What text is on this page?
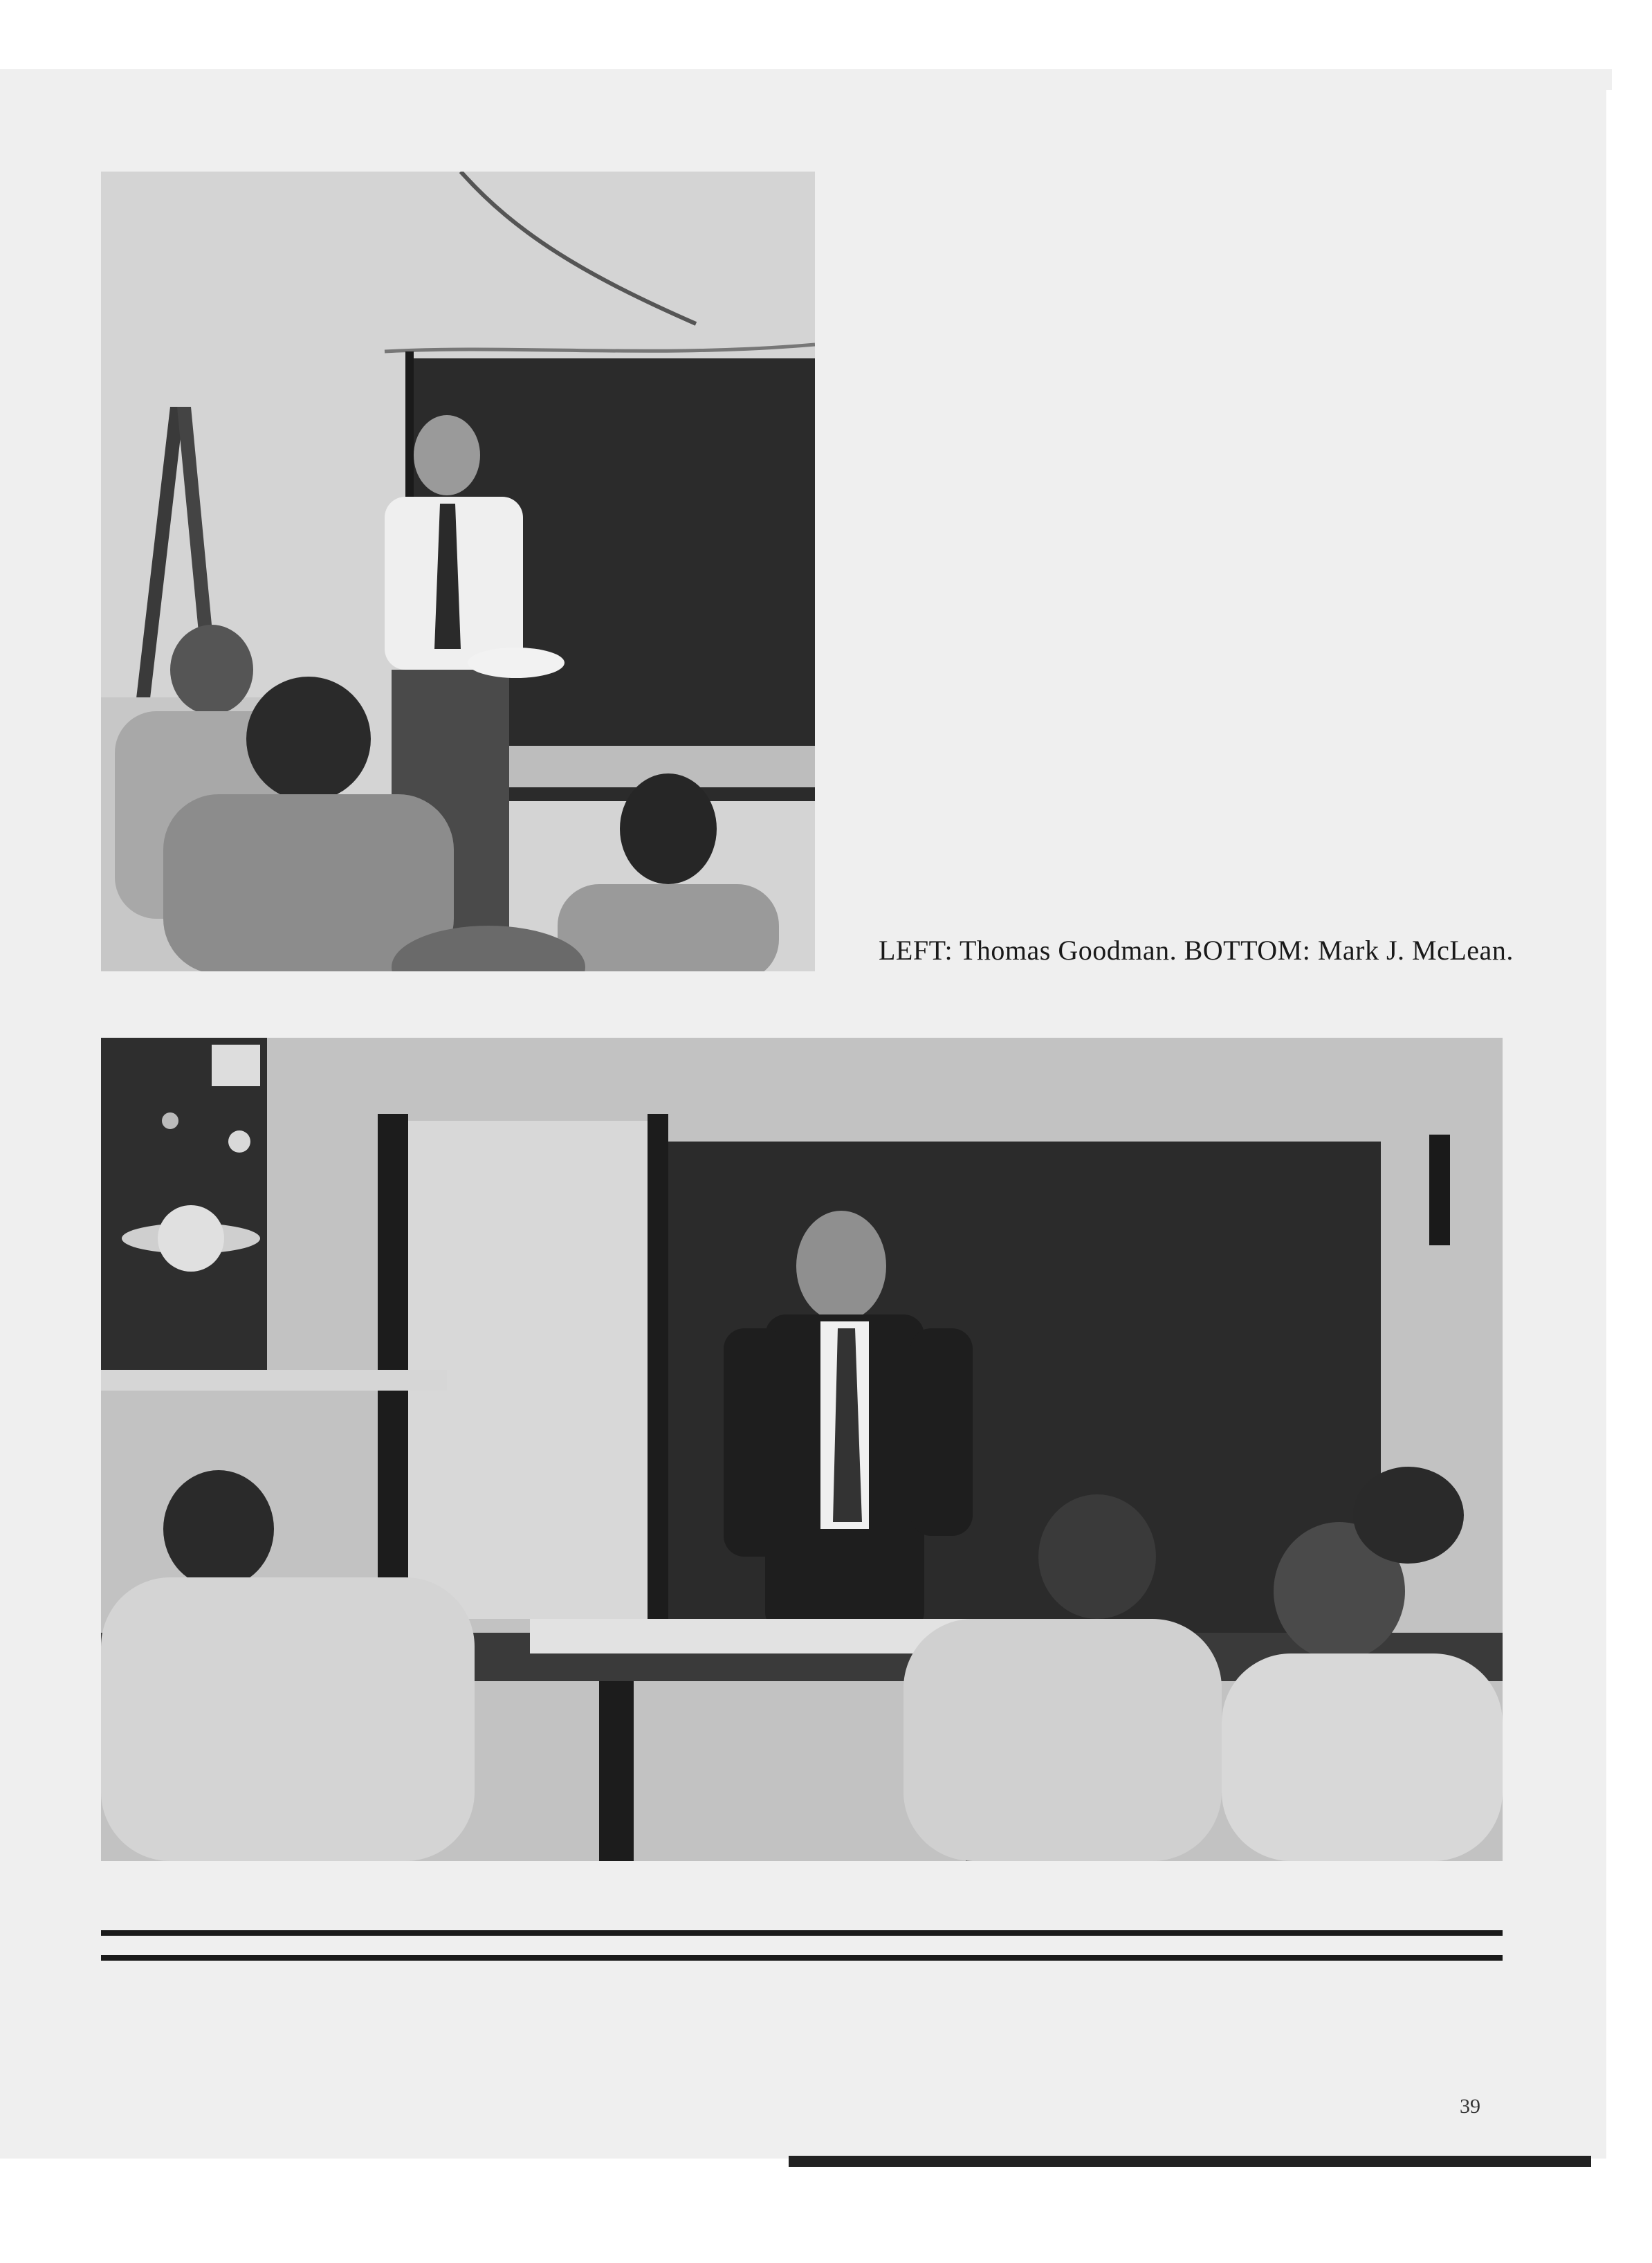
LEFT: Thomas Goodman. BOTTOM: Mark J. McLean.
39
